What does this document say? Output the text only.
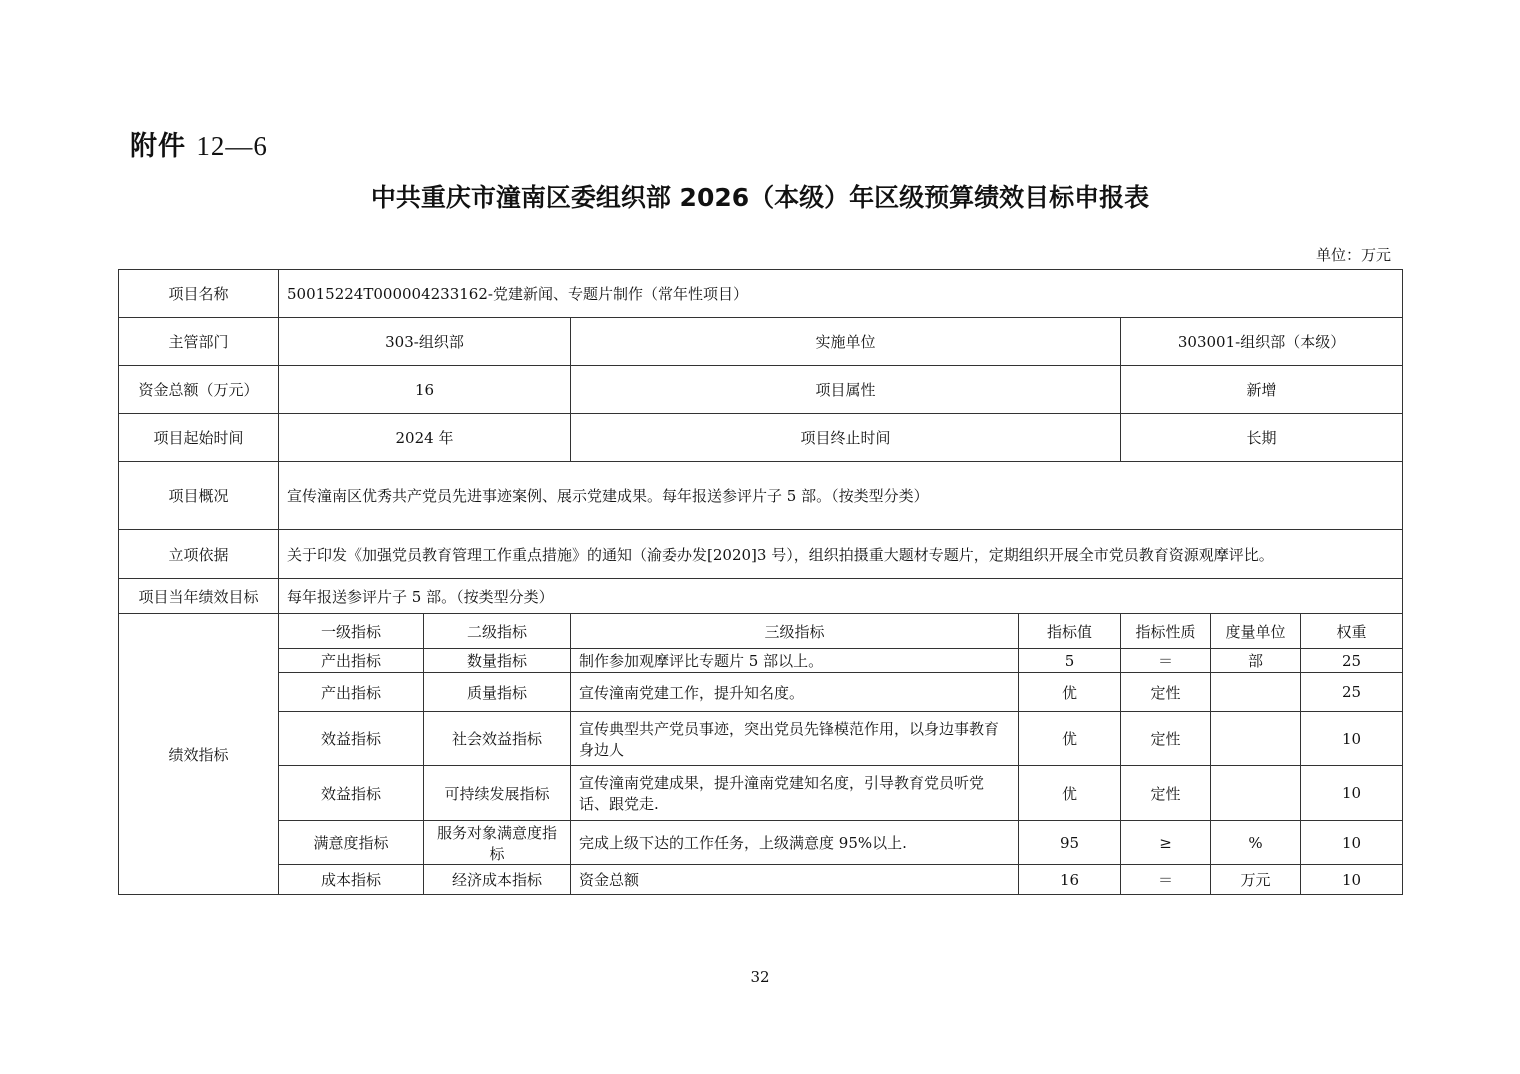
附件 12—6
中共重庆市潼南区委组织部 2026（本级）年区级预算绩效目标申报表
单位：万元
项目名称	50015224T000004233162-党建新闻、专题片制作（常年性项目）						
主管部门	303-组织部		实施单位		303001-组织部（本级）		
资金总额（万元）	16		项目属性		新增		
项目起始时间	2024 年		项目终止时间		长期		
项目概况	宣传潼南区优秀共产党员先进事迹案例、展示党建成果。每年报送参评片子 5 部。（按类型分类）						
立项依据	关于印发《加强党员教育管理工作重点措施》的通知（渝委办发[2020]3 号），组织拍摄重大题材专题片，定期组织开展全市党员教育资源观摩评比。						
项目当年绩效目标	每年报送参评片子 5 部。（按类型分类）						
绩效指标	一级指标	二级指标	三级指标	指标值	指标性质	度量单位	权重
	产出指标	数量指标	制作参加观摩评比专题片 5 部以上。	5	＝	部	25
	产出指标	质量指标	宣传潼南党建工作，提升知名度。	优	定性		25
	效益指标	社会效益指标	宣传典型共产党员事迹，突出党员先锋模范作用，以身边事教育身边人	优	定性		10
	效益指标	可持续发展指标	宣传潼南党建成果，提升潼南党建知名度，引导教育党员听党话、跟党走.	优	定性		10
	满意度指标	服务对象满意度指标	完成上级下达的工作任务，上级满意度 95%以上.	95	≥	%	10
	成本指标	经济成本指标	资金总额	16	＝	万元	10
32
